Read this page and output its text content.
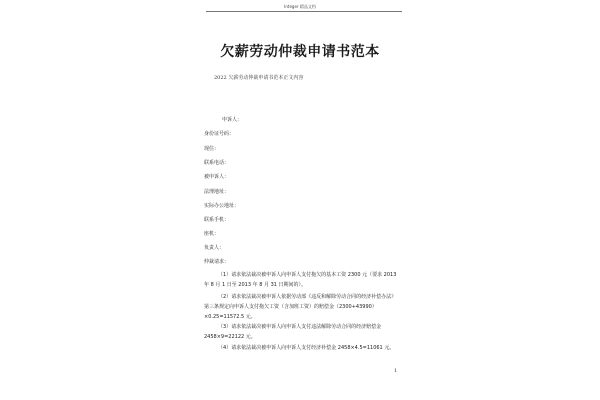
Integer 精品文档
欠薪劳动仲裁申请书范本
2022 欠薪劳动仲裁申请书范本正文内容
申诉人：
身份证号码：
现住：
联系电话：
被申诉人：
法理地址：
实际办公地址：
联系手机：
座机：
负责人：
仲裁请求：
（1）请求依法裁决被申诉人向申诉人支付拖欠的基本工资 2300 元（要求 2013 年 8 月 1 日至 2013 年 8 月 31 日期间的）。
（2）请求依法裁决被申诉人依据劳动部《违反和解除劳动合同的经济补偿办法》第三条规定向申诉人支付拖欠工资（含加班工资）的赔偿金（2300+43990）×0.25=11572.5 元。
（3）请求依法裁决被申诉人向申诉人支付违法解除劳动合同的经济赔偿金 2458×9=22122 元。
（4）请求依法裁决被申诉人向申诉人支付经济补偿金 2458×4.5=11061 元。
1
